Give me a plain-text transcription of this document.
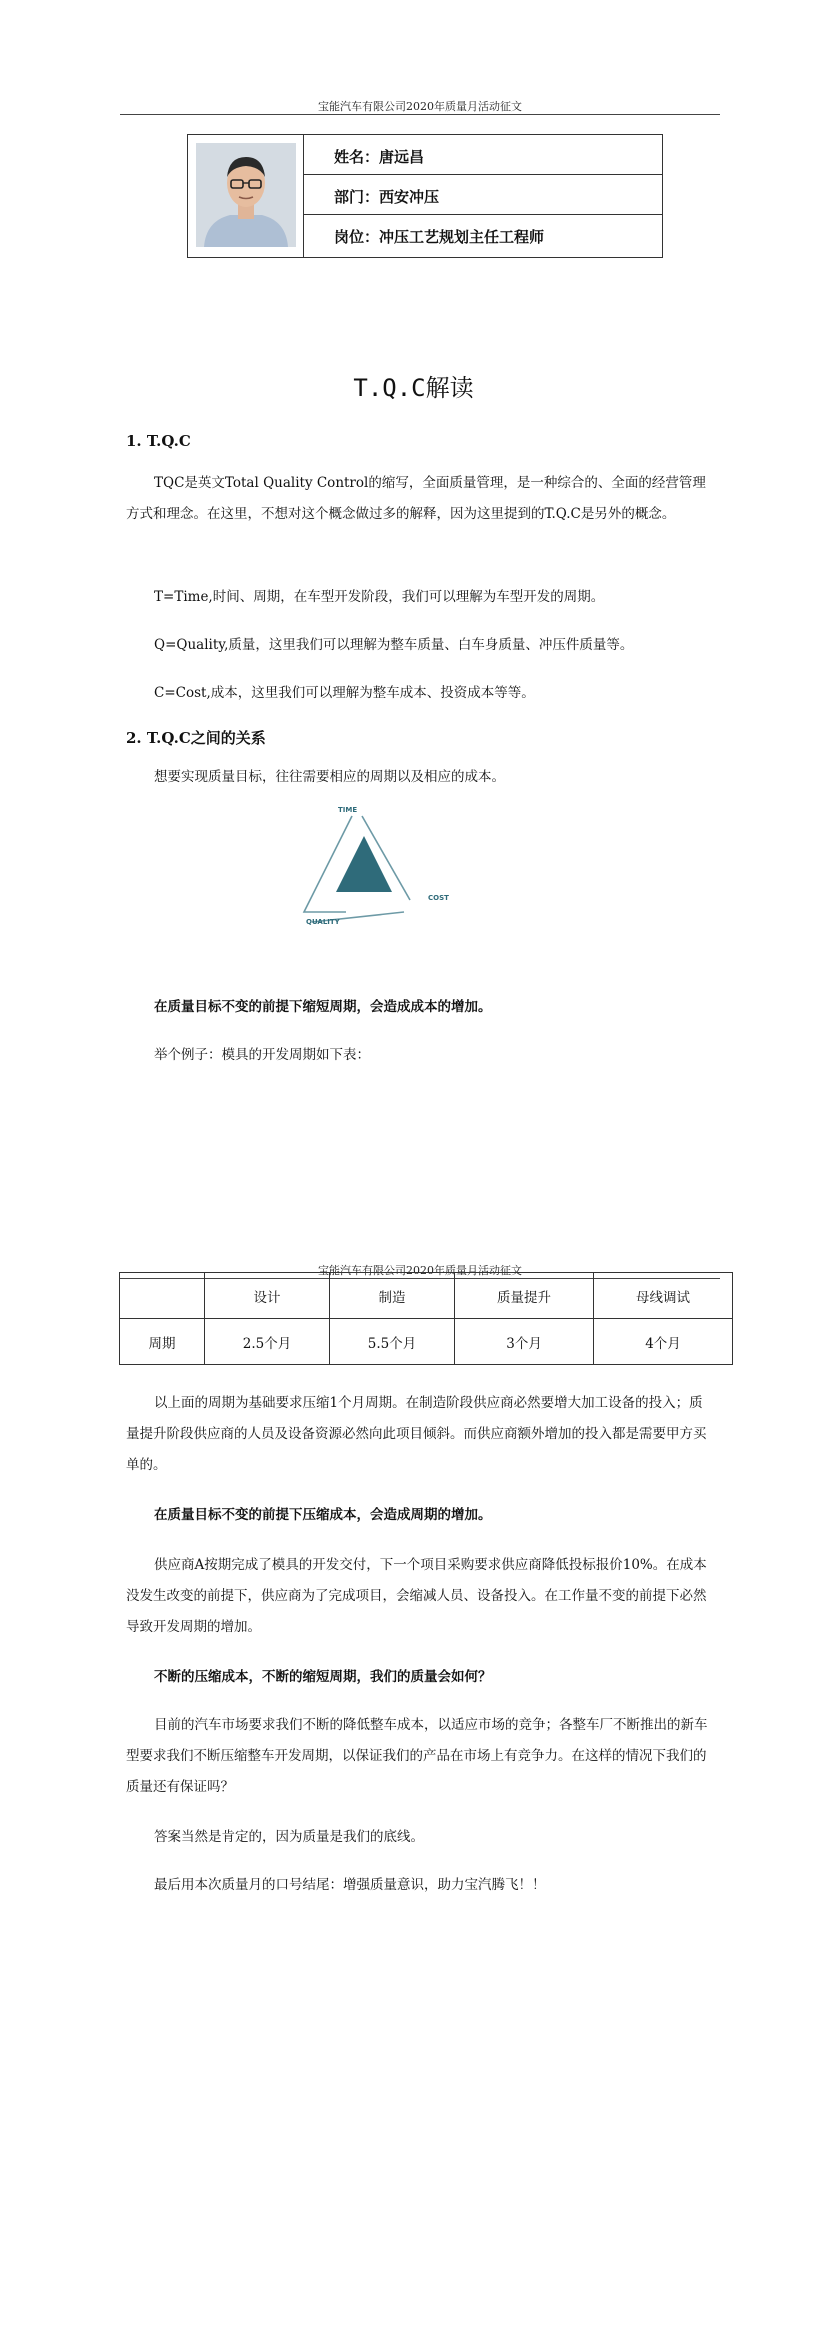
宝能汽车有限公司2020年质量月活动征文
姓名：唐远昌
部门：西安冲压
岗位：冲压工艺规划主任工程师
T.Q.C解读
1. T.Q.C
TQC是英文Total Quality Control的缩写，全面质量管理，是一种综合的、全面的经营管理方式和理念。在这里，不想对这个概念做过多的解释，因为这里提到的T.Q.C是另外的概念。
T=Time,时间、周期，在车型开发阶段，我们可以理解为车型开发的周期。
Q=Quality,质量，这里我们可以理解为整车质量、白车身质量、冲压件质量等。
C=Cost,成本，这里我们可以理解为整车成本、投资成本等等。
2. T.Q.C之间的关系
想要实现质量目标，往往需要相应的周期以及相应的成本。
TIME
COST
QUALITY
在质量目标不变的前提下缩短周期，会造成成本的增加。
举个例子：模具的开发周期如下表：
宝能汽车有限公司2020年质量月活动征文
	设计	制造	质量提升	母线调试
周期	2.5个月	5.5个月	3个月	4个月
以上面的周期为基础要求压缩1个月周期。在制造阶段供应商必然要增大加工设备的投入；质量提升阶段供应商的人员及设备资源必然向此项目倾斜。而供应商额外增加的投入都是需要甲方买单的。
在质量目标不变的前提下压缩成本，会造成周期的增加。
供应商A按期完成了模具的开发交付，下一个项目采购要求供应商降低投标报价10%。在成本没发生改变的前提下，供应商为了完成项目，会缩减人员、设备投入。在工作量不变的前提下必然导致开发周期的增加。
不断的压缩成本，不断的缩短周期，我们的质量会如何？
目前的汽车市场要求我们不断的降低整车成本，以适应市场的竞争；各整车厂不断推出的新车型要求我们不断压缩整车开发周期，以保证我们的产品在市场上有竞争力。在这样的情况下我们的质量还有保证吗？
答案当然是肯定的，因为质量是我们的底线。
最后用本次质量月的口号结尾：增强质量意识，助力宝汽腾飞！！
